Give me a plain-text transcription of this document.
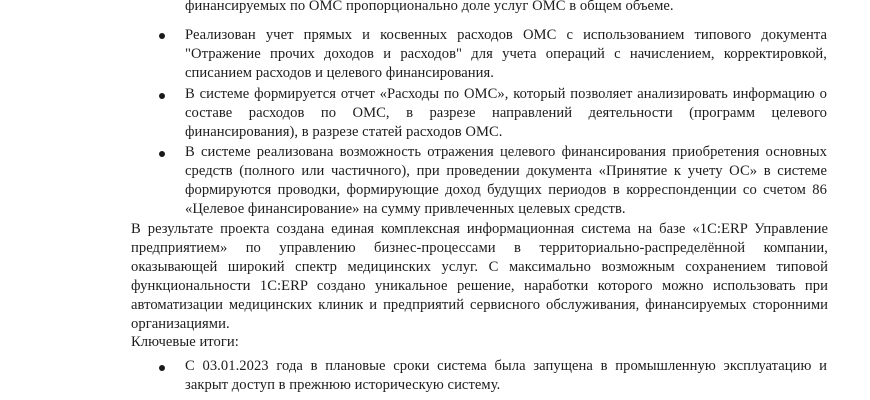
финансируемых по ОМС пропорционально доле услуг ОМС в общем объеме.
Реализован учет прямых и косвенных расходов ОМС с использованием типового документа
"Отражение прочих доходов и расходов" для учета операций с начислением, корректировкой,
списанием расходов и целевого финансирования.
В системе формируется отчет «Расходы по ОМС», который позволяет анализировать информацию о
составе расходов по ОМС, в разрезе направлений деятельности (программ целевого
финансирования), в разрезе статей расходов ОМС.
В системе реализована возможность отражения целевого финансирования приобретения основных
средств (полного или частичного), при проведении документа «Принятие к учету ОС» в системе
формируются проводки, формирующие доход будущих периодов в корреспонденции со счетом 86
«Целевое финансирование» на сумму привлеченных целевых средств.
В результате проекта создана единая комплексная информационная система на базе «1С:ERP Управление
предприятием» по управлению бизнес-процессами в территориально-распределённой компании,
оказывающей широкий спектр медицинских услуг. С максимально возможным сохранением типовой
функциональности 1С:ERP создано уникальное решение, наработки которого можно использовать при
автоматизации медицинских клиник и предприятий сервисного обслуживания, финансируемых сторонними
организациями.
Ключевые итоги:
С 03.01.2023 года в плановые сроки система была запущена в промышленную эксплуатацию и
закрыт доступ в прежнюю историческую систему.
